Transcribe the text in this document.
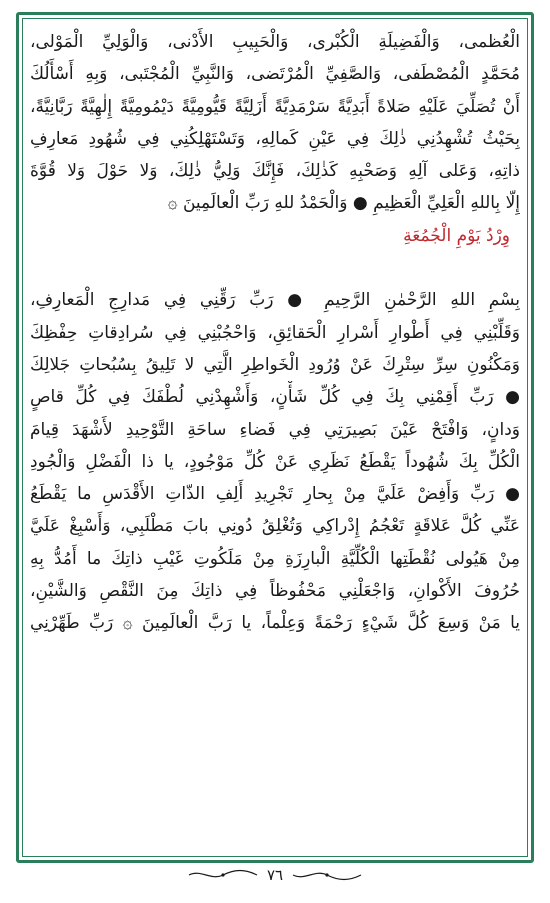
الْعُظمى، وَالْفَضِيلَةِ الْكُبْرى، وَالْحَبِيبِ الأَدْنى، وَالْوَلِيِّ الْمَوْلى،
مُحَمَّدٍ الْمُصْطَفى، وَالصَّفِيِّ الْمُرْتَضى، وَالنَّبِيِّ الْمُجْتَبى، وَبِهِ أَسْأَلُكَ
أَنْ تُصَلِّيَ عَلَيْهِ صَلاةً أَبَدِيَّةً سَرْمَدِيَّةً أَزَلِيَّةً قَيُّومِيَّةً دَيْمُومِيَّةً إِلٰهِيَّةً رَبَّانِيَّةً،
بِحَيْثُ تُشْهِدُنِي ذٰلِكَ فِي عَيْنِ كَمالِهِ، وَتَسْتَهْلِكُنِي فِي شُهُودِ مَعارِفِ
ذاتِهِ، وَعَلى آلِهِ وَصَحْبِهِ كَذٰلِكَ، فَإِنَّكَ وَلِيُّ ذٰلِكَ، وَلا حَوْلَ وَلا قُوَّةَ
إِلّا بِاللهِ الْعَلِيِّ الْعَظِيمِ ● وَالْحَمْدُ للهِ رَبِّ الْعالَمِينَ ۞
وِرْدُ يَوْمِ الْجُمُعَةِ
بِسْمِ اللهِ الرَّحْمٰنِ الرَّحِيمِ ● رَبِّ رَقِّنِي فِي مَدارِجِ الْمَعارِفِ،
وَقَلِّبْنِي فِي أَطْوارِ أَسْرارِ الْحَقائِقِ، وَاحْجُبْنِي فِي سُرادِقاتِ حِفْظِكَ
وَمَكْنُونِ سِرِّ سِتْرِكَ عَنْ وُرُودِ الْخَواطِرِ الَّتِي لا تَلِيقُ بِسُبُحاتِ جَلالِكَ
● رَبِّ أَقِمْنِي بِكَ فِي كُلِّ شَأْنٍ، وَأَشْهِدْنِي لُطْفَكَ فِي كُلِّ قاصٍ
وَدانٍ، وَافْتَحْ عَيْنَ بَصِيرَتِي فِي فَضاءِ ساحَةِ التَّوْحِيدِ لأَشْهَدَ قِيامَ
الْكُلِّ بِكَ شُهُوداً يَقْطَعُ نَظَرِي عَنْ كُلِّ مَوْجُودٍ، يا ذا الْفَضْلِ وَالْجُودِ
● رَبِّ وَأَفِضْ عَلَيَّ مِنْ بِحارِ تَجْرِيدِ أَلِفِ الذّاتِ الأَقْدَسِ ما يَقْطَعُ
عَنِّي كُلَّ عَلاقَةٍ تَعْجُمُ إِدْراكِي وَتُغْلِقُ دُونِي بابَ مَطْلَبِي، وَأَسْبِغْ عَلَيَّ
مِنْ هَيُولى نُقْطَتِها الْكُلِّيَّةِ الْبارِزَةِ مِنْ مَلَكُوتِ غَيْبِ ذاتِكَ ما أَمُدُّ بِهِ
حُرُوفَ الأَكْوانِ، وَاجْعَلْنِي مَحْفُوظاً فِي ذاتِكَ مِنَ النَّقْصِ وَالشَّيْنِ،
يا مَنْ وَسِعَ كُلَّ شَيْءٍ رَحْمَةً وَعِلْماً، يا رَبَّ الْعالَمِينَ ۞ رَبِّ طَهِّرْنِي
٧٦
